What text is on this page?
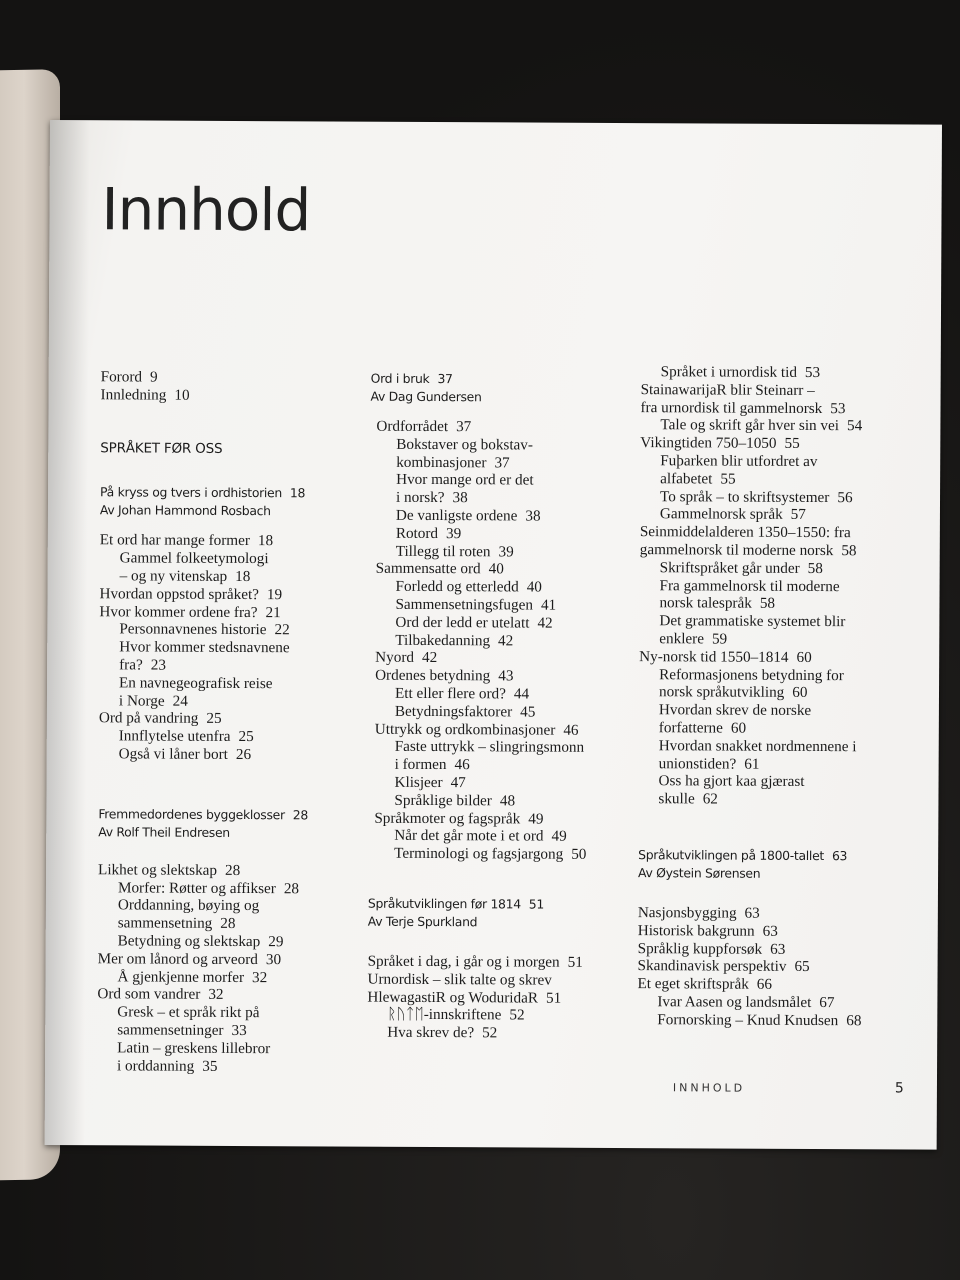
Innhold
Forord 9
Innledning 10
SPRÅKET FØR OSS
På kryss og tvers i ordhistorien 18
Av Johan Hammond Rosbach
Et ord har mange former 18
Gammel folkeetymologi
– og ny vitenskap 18
Hvordan oppstod språket? 19
Hvor kommer ordene fra? 21
Personnavnenes historie 22
Hvor kommer stedsnavnene
fra? 23
En navnegeografisk reise
i Norge 24
Ord på vandring 25
Innflytelse utenfra 25
Også vi låner bort 26
Fremmedordenes byggeklosser 28
Av Rolf Theil Endresen
Likhet og slektskap 28
Morfer: Røtter og affikser 28
Orddanning, bøying og
sammensetning 28
Betydning og slektskap 29
Mer om lånord og arveord 30
Å gjenkjenne morfer 32
Ord som vandrer 32
Gresk – et språk rikt på
sammensetninger 33
Latin – greskens lillebror
i orddanning 35
Ord i bruk 37
Av Dag Gundersen
Ordforrådet 37
Bokstaver og bokstav-
kombinasjoner 37
Hvor mange ord er det
i norsk? 38
De vanligste ordene 38
Rotord 39
Tillegg til roten 39
Sammensatte ord 40
Forledd og etterledd 40
Sammensetningsfugen 41
Ord der ledd er utelatt 42
Tilbakedanning 42
Nyord 42
Ordenes betydning 43
Ett eller flere ord? 44
Betydningsfaktorer 45
Uttrykk og ordkombinasjoner 46
Faste uttrykk – slingringsmonn
i formen 46
Klisjeer 47
Språklige bilder 48
Språkmoter og fagspråk 49
Når det går mote i et ord 49
Terminologi og fagsjargong 50
Språkutviklingen før 1814 51
Av Terje Spurkland
Språket i dag, i går og i morgen 51
Urnordisk – slik talte og skrev
HlewagastiR og WoduridaR 51
ᚱᚢᛏᛖ-innskriftene 52
Hva skrev de? 52
Språket i urnordisk tid 53
StainawarijaR blir Steinarr –
fra urnordisk til gammelnorsk 53
Tale og skrift går hver sin vei 54
Vikingtiden 750–1050 55
Fuþarken blir utfordret av
alfabetet 55
To språk – to skriftsystemer 56
Gammelnorsk språk 57
Seinmiddelalderen 1350–1550: fra
gammelnorsk til moderne norsk 58
Skriftspråket går under 58
Fra gammelnorsk til moderne
norsk talespråk 58
Det grammatiske systemet blir
enklere 59
Ny-norsk tid 1550–1814 60
Reformasjonens betydning for
norsk språkutvikling 60
Hvordan skrev de norske
forfatterne 60
Hvordan snakket nordmennene i
unionstiden? 61
Oss ha gjort kaa gjærast
skulle 62
Språkutviklingen på 1800-tallet 63
Av Øystein Sørensen
Nasjonsbygging 63
Historisk bakgrunn 63
Språklig kuppforsøk 63
Skandinavisk perspektiv 65
Et eget skriftspråk 66
Ivar Aasen og landsmålet 67
Fornorsking – Knud Knudsen 68
INNHOLD	5
